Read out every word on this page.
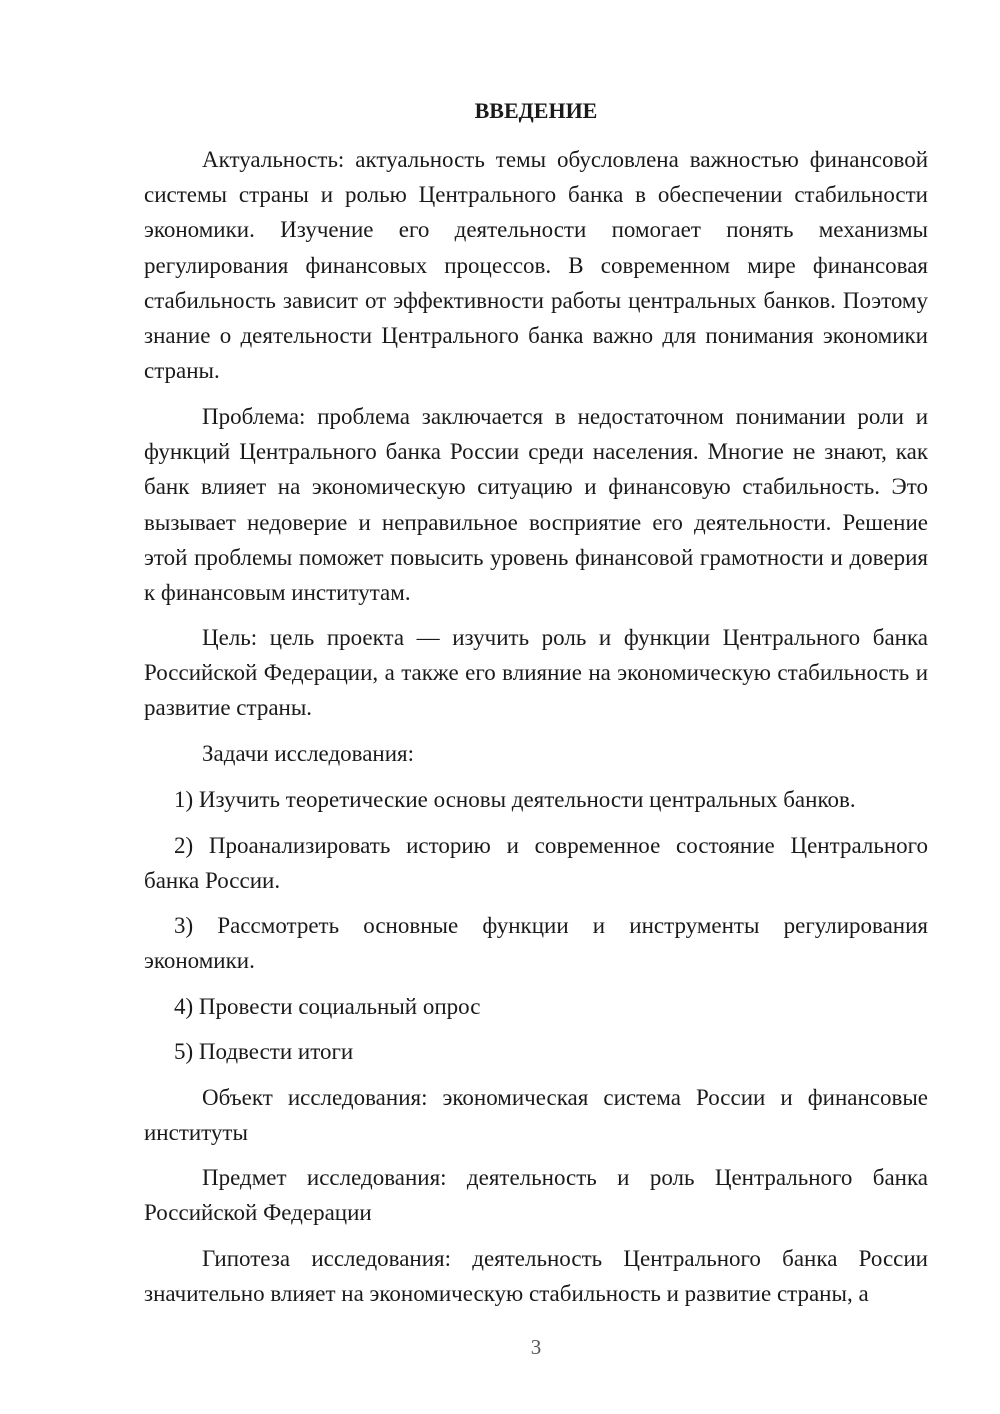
ВВЕДЕНИЕ

Актуальность: актуальность темы обусловлена важностью финансовой системы страны и ролью Центрального банка в обеспечении стабильности экономики. Изучение его деятельности помогает понять механизмы регулирования финансовых процессов. В современном мире финансовая стабильность зависит от эффективности работы центральных банков. Поэтому знание о деятельности Центрального банка важно для понимания экономики страны.

Проблема: проблема заключается в недостаточном понимании роли и функций Центрального банка России среди населения. Многие не знают, как банк влияет на экономическую ситуацию и финансовую стабильность. Это вызывает недоверие и неправильное восприятие его деятельности. Решение этой проблемы поможет повысить уровень финансовой грамотности и доверия к финансовым институтам.

Цель: цель проекта — изучить роль и функции Центрального банка Российской Федерации, а также его влияние на экономическую стабильность и развитие страны.

Задачи исследования:

1) Изучить теоретические основы деятельности центральных банков.

2) Проанализировать историю и современное состояние Центрального банка России.

3) Рассмотреть основные функции и инструменты регулирования экономики.

4) Провести социальный опрос

5) Подвести итоги

Объект исследования: экономическая система России и финансовые институты

Предмет исследования: деятельность и роль Центрального банка Российской Федерации

Гипотеза исследования: деятельность Центрального банка России значительно влияет на экономическую стабильность и развитие страны, а

3
